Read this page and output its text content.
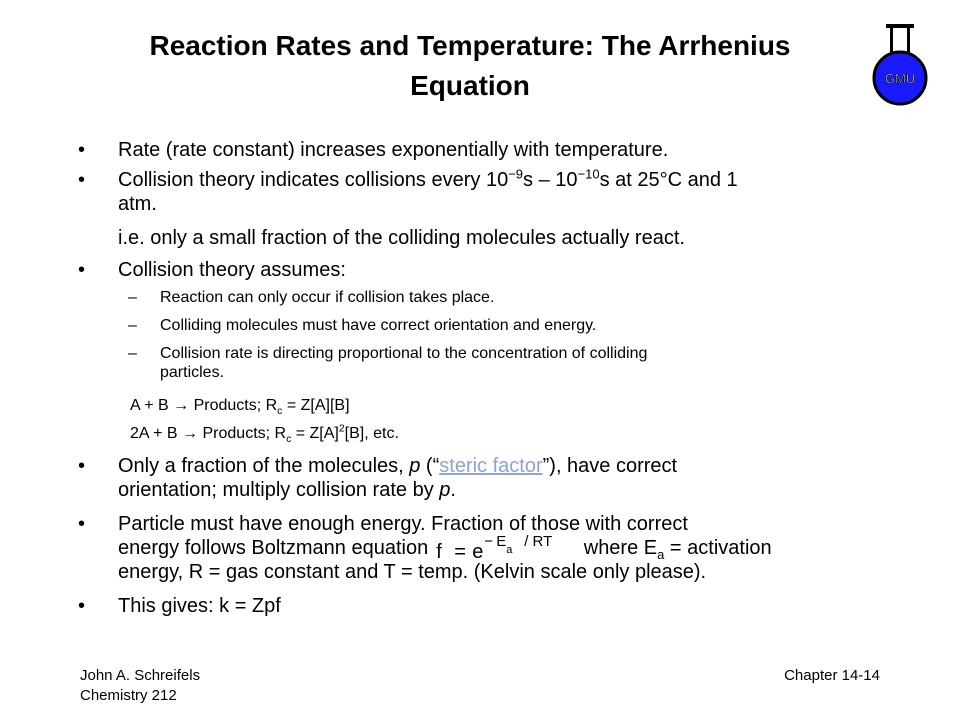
Reaction Rates and Temperature: The Arrhenius
Equation	GMU
• Rate (rate constant) increases exponentially with temperature.
• Collision theory indicates collisions every $10^{-9}s - 10^{-10}s$ at 25°C and 1
atm.
i.e. only a small fraction of the colliding molecules actually react.
• Collision theory assumes:
– Reaction can only occur if collision takes place.
– Colliding molecules must have correct orientation and energy.
– Collision rate is directing proportional to the concentration of colliding
particles.
A + B → Products; $R_c = Z[A][B]$
2A + B → Products; $R_c = Z[A]^2[B]$, etc.
• Only a fraction of the molecules, p (“steric factor”), have correct
orientation; multiply collision rate by p.
• Particle must have enough energy. Fraction of those with correct
energy follows Boltzmann equation f = e − E a / RT where $E_a$ = activation
energy, R = gas constant and T = temp. (Kelvin scale only please).
• This gives: k = Zpf
John A. Schreifels
Chemistry 212
Chapter 14-14
